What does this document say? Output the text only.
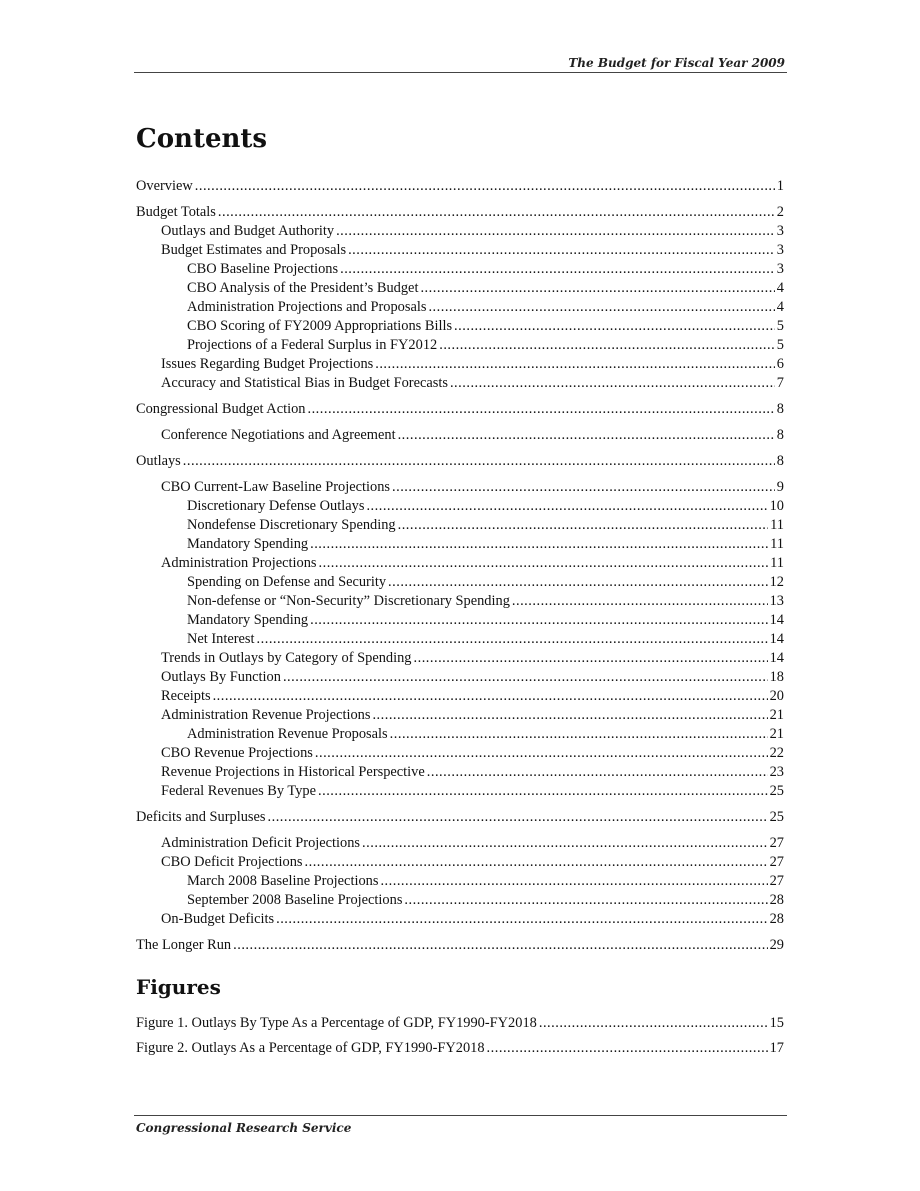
The Budget for Fiscal Year 2009
Contents
Overview .....	1
Budget Totals .....	2
Outlays and Budget Authority .....	3
Budget Estimates and Proposals .....	3
CBO Baseline Projections .....	3
CBO Analysis of the President’s Budget .....	4
Administration Projections and Proposals .....	4
CBO Scoring of FY2009 Appropriations Bills .....	5
Projections of a Federal Surplus in FY2012 .....	5
Issues Regarding Budget Projections .....	6
Accuracy and Statistical Bias in Budget Forecasts .....	7
Congressional Budget Action .....	8
Conference Negotiations and Agreement .....	8
Outlays .....	8
CBO Current-Law Baseline Projections .....	9
Discretionary Defense Outlays .....	10
Nondefense Discretionary Spending .....	11
Mandatory Spending .....	11
Administration Projections .....	11
Spending on Defense and Security .....	12
Non-defense or “Non-Security” Discretionary Spending .....	13
Mandatory Spending .....	14
Net Interest .....	14
Trends in Outlays by Category of Spending .....	14
Outlays By Function .....	18
Receipts .....	20
Administration Revenue Projections .....	21
Administration Revenue Proposals .....	21
CBO Revenue Projections .....	22
Revenue Projections in Historical Perspective .....	23
Federal Revenues By Type .....	25
Deficits and Surpluses .....	25
Administration Deficit Projections .....	27
CBO Deficit Projections .....	27
March 2008 Baseline Projections .....	27
September 2008 Baseline Projections .....	28
On-Budget Deficits .....	28
The Longer Run .....	29
Figures
Figure 1. Outlays By Type As a Percentage of GDP, FY1990-FY2018 .....	15
Figure 2. Outlays As a Percentage of GDP, FY1990-FY2018 .....	17
Congressional Research Service
